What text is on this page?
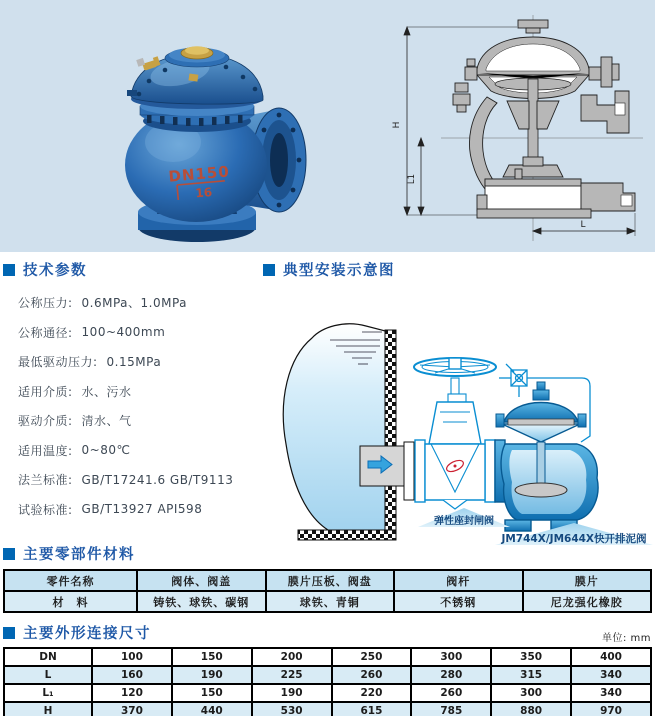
DN150
16
H
L1
L
技术参数	典型安装示意图
公称压力: 0.6MPa、1.0MPa
公称通径: 100~400mm
最低驱动压力: 0.15MPa
适用介质: 水、污水
驱动介质: 清水、气
适用温度: 0~80℃
法兰标准: GB/T17241.6 GB/T9113
试验标准: GB/T13927 API598
弹性座封闸阀
JM744X/JM644X快开排泥阀
主要零部件材料
零件名称	阀体、阀盖	膜片压板、阀盘	阀杆	膜片
材　料	铸铁、球铁、碳钢	球铁、青铜	不锈钢	尼龙强化橡胶
主要外形连接尺寸	单位: mm
DN	100	150	200	250	300	350	400
L	160	190	225	260	280	315	340
L₁	120	150	190	220	260	300	340
H	370	440	530	615	785	880	970
